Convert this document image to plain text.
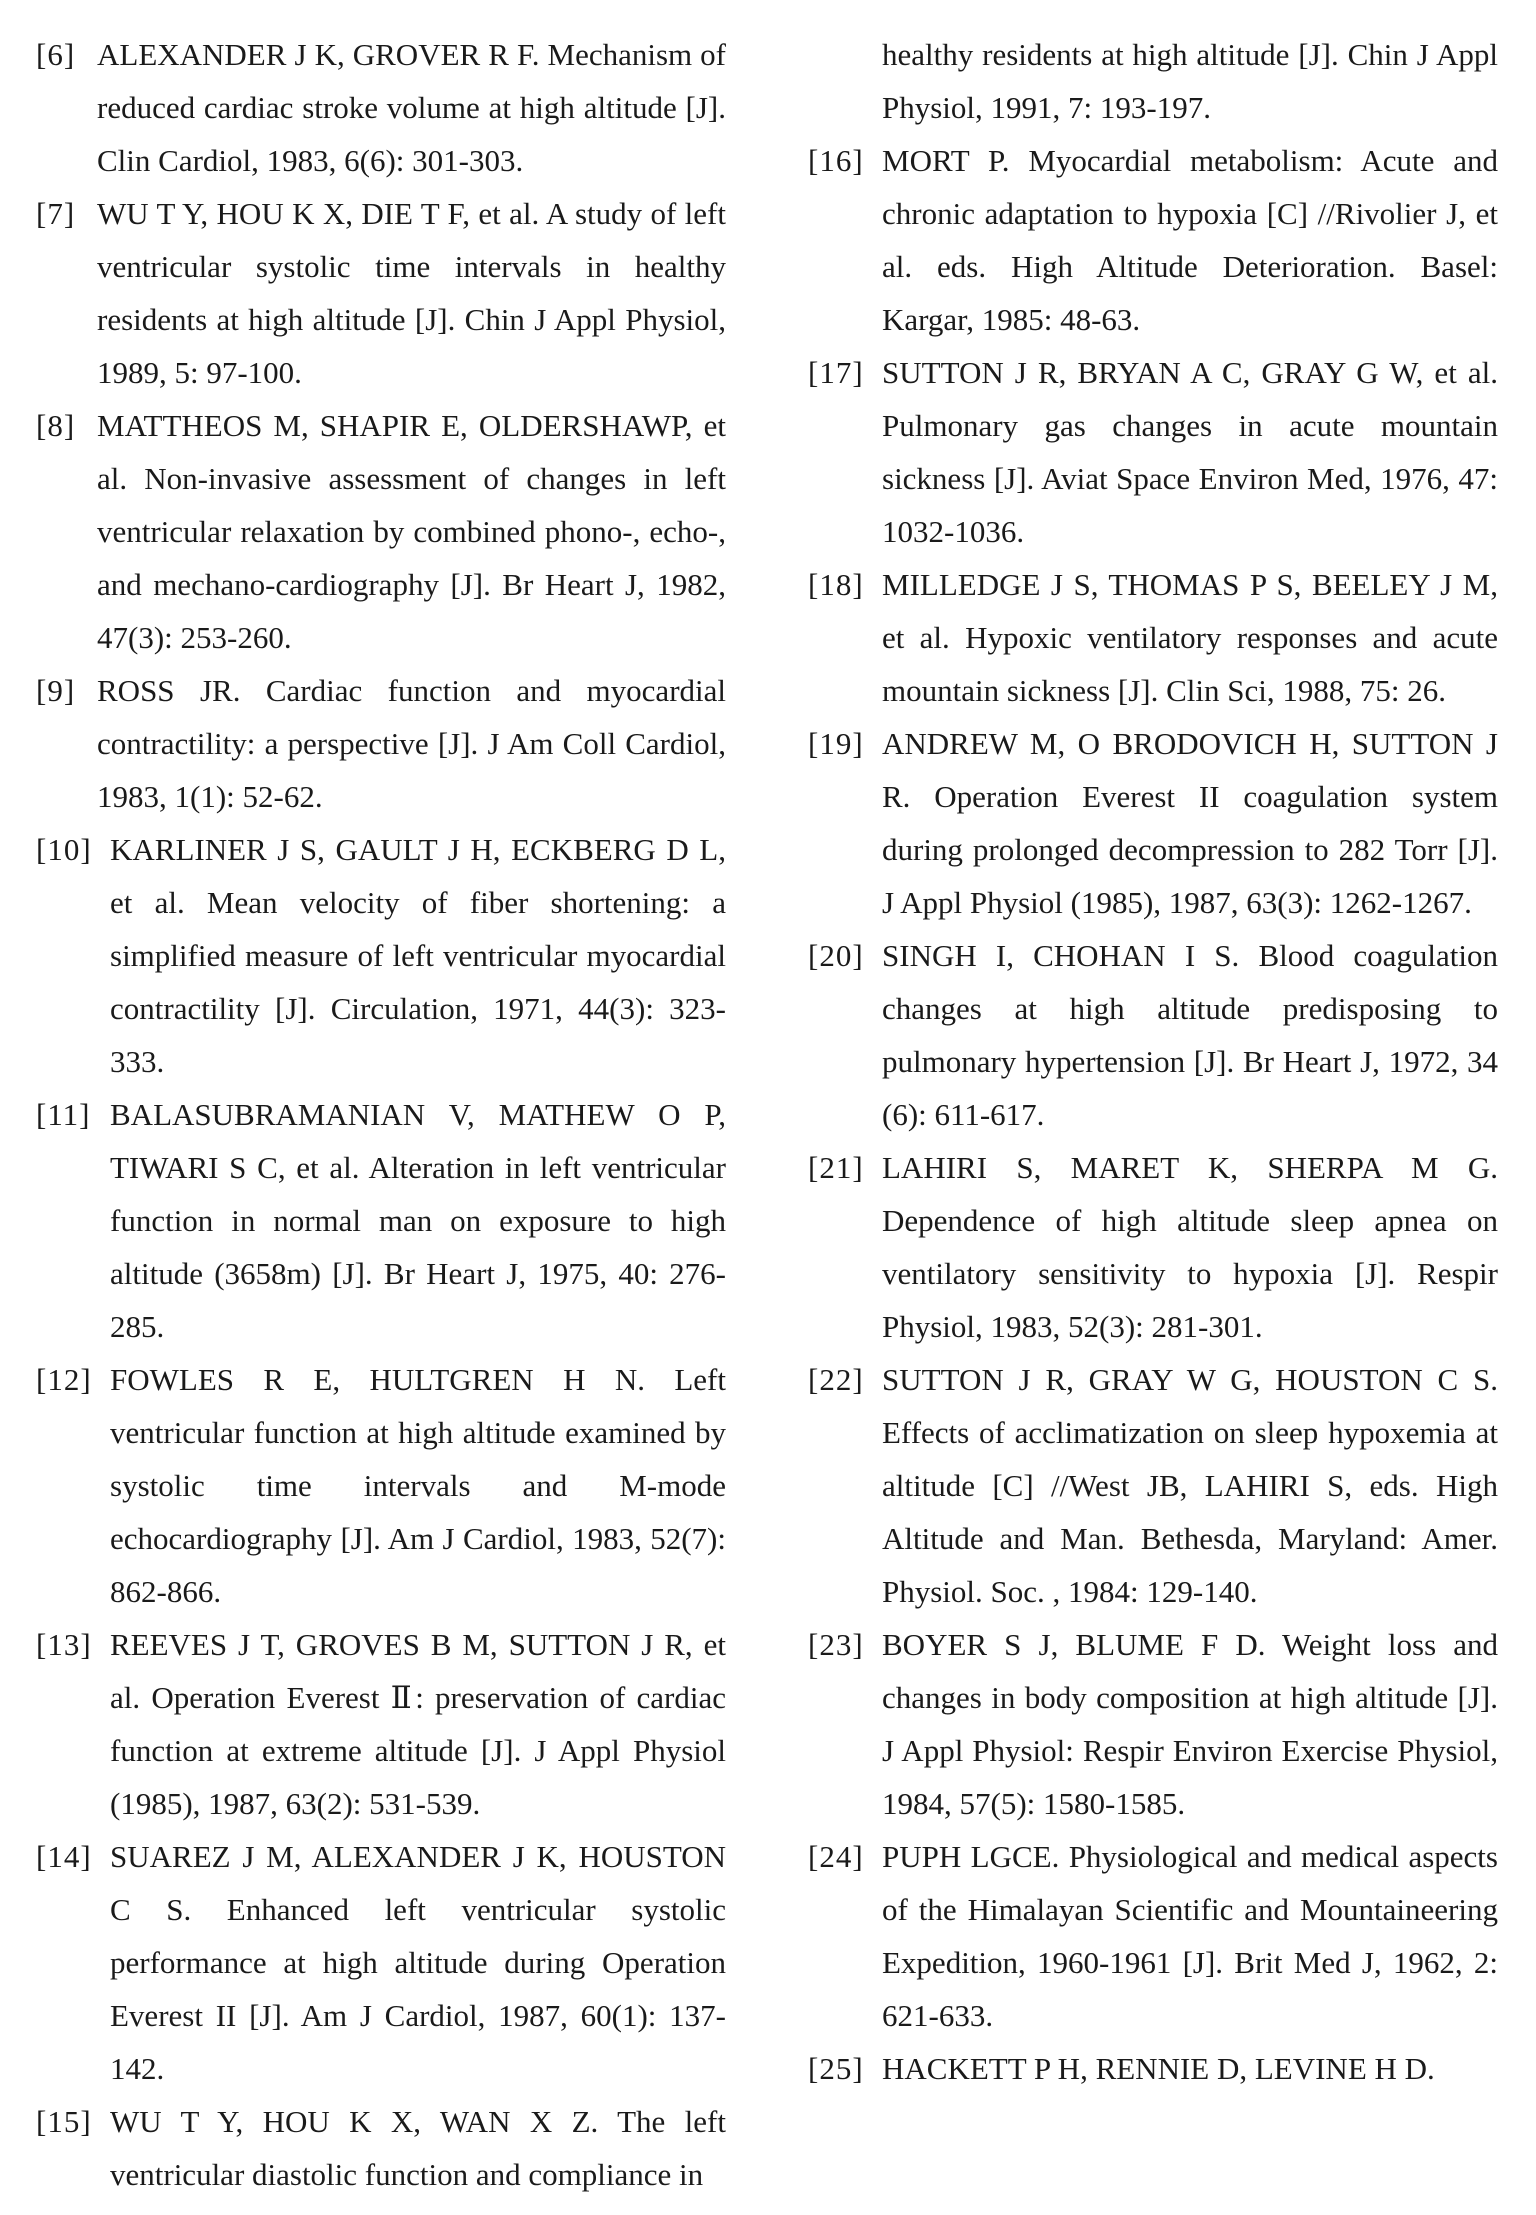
[6] ALEXANDER J K, GROVER R F. Mechanism of reduced cardiac stroke volume at high altitude [J]. Clin Cardiol, 1983, 6(6): 301-303.

[7] WU T Y, HOU K X, DIE T F, et al. A study of left ventricular systolic time intervals in healthy residents at high altitude [J]. Chin J Appl Physiol, 1989, 5: 97-100.

[8] MATTHEOS M, SHAPIR E, OLDERSHAWP, et al. Non-invasive assessment of changes in left ventricular relaxation by combined phono-, echo-, and mechano-cardiography [J]. Br Heart J, 1982, 47(3): 253-260.

[9] ROSS JR. Cardiac function and myocardial contractility: a perspective [J]. J Am Coll Cardiol, 1983, 1(1): 52-62.

[10] KARLINER J S, GAULT J H, ECKBERG D L, et al. Mean velocity of fiber shortening: a simplified measure of left ventricular myocardial contractility [J]. Circulation, 1971, 44(3): 323-333.

[11] BALASUBRAMANIAN V, MATHEW O P, TIWARI S C, et al. Alteration in left ventricular function in normal man on exposure to high altitude (3658m) [J]. Br Heart J, 1975, 40: 276-285.

[12] FOWLES R E, HULTGREN H N. Left ventricular function at high altitude examined by systolic time intervals and M-mode echocardiography [J]. Am J Cardiol, 1983, 52(7): 862-866.

[13] REEVES J T, GROVES B M, SUTTON J R, et al. Operation Everest Ⅱ: preservation of cardiac function at extreme altitude [J]. J Appl Physiol (1985), 1987, 63(2): 531-539.

[14] SUAREZ J M, ALEXANDER J K, HOUSTON C S. Enhanced left ventricular systolic performance at high altitude during Operation Everest II [J]. Am J Cardiol, 1987, 60(1): 137-142.

[15] WU T Y, HOU K X, WAN X Z. The left ventricular diastolic function and compliance in

healthy residents at high altitude [J]. Chin J Appl Physiol, 1991, 7: 193-197.

[16] MORT P. Myocardial metabolism: Acute and chronic adaptation to hypoxia [C] //Rivolier J, et al. eds. High Altitude Deterioration. Basel: Kargar, 1985: 48-63.

[17] SUTTON J R, BRYAN A C, GRAY G W, et al. Pulmonary gas changes in acute mountain sickness [J]. Aviat Space Environ Med, 1976, 47: 1032-1036.

[18] MILLEDGE J S, THOMAS P S, BEELEY J M, et al. Hypoxic ventilatory responses and acute mountain sickness [J]. Clin Sci, 1988, 75: 26.

[19] ANDREW M, O BRODOVICH H, SUTTON J R. Operation Everest II coagulation system during prolonged decompression to 282 Torr [J]. J Appl Physiol (1985), 1987, 63(3): 1262-1267.

[20] SINGH I, CHOHAN I S. Blood coagulation changes at high altitude predisposing to pulmonary hypertension [J]. Br Heart J, 1972, 34 (6): 611-617.

[21] LAHIRI S, MARET K, SHERPA M G. Dependence of high altitude sleep apnea on ventilatory sensitivity to hypoxia [J]. Respir Physiol, 1983, 52(3): 281-301.

[22] SUTTON J R, GRAY W G, HOUSTON C S. Effects of acclimatization on sleep hypoxemia at altitude [C] //West JB, LAHIRI S, eds. High Altitude and Man. Bethesda, Maryland: Amer. Physiol. Soc. , 1984: 129-140.

[23] BOYER S J, BLUME F D. Weight loss and changes in body composition at high altitude [J]. J Appl Physiol: Respir Environ Exercise Physiol, 1984, 57(5): 1580-1585.

[24] PUPH LGCE. Physiological and medical aspects of the Himalayan Scientific and Mountaineering Expedition, 1960-1961 [J]. Brit Med J, 1962, 2: 621-633.

[25] HACKETT P H, RENNIE D, LEVINE H D.
